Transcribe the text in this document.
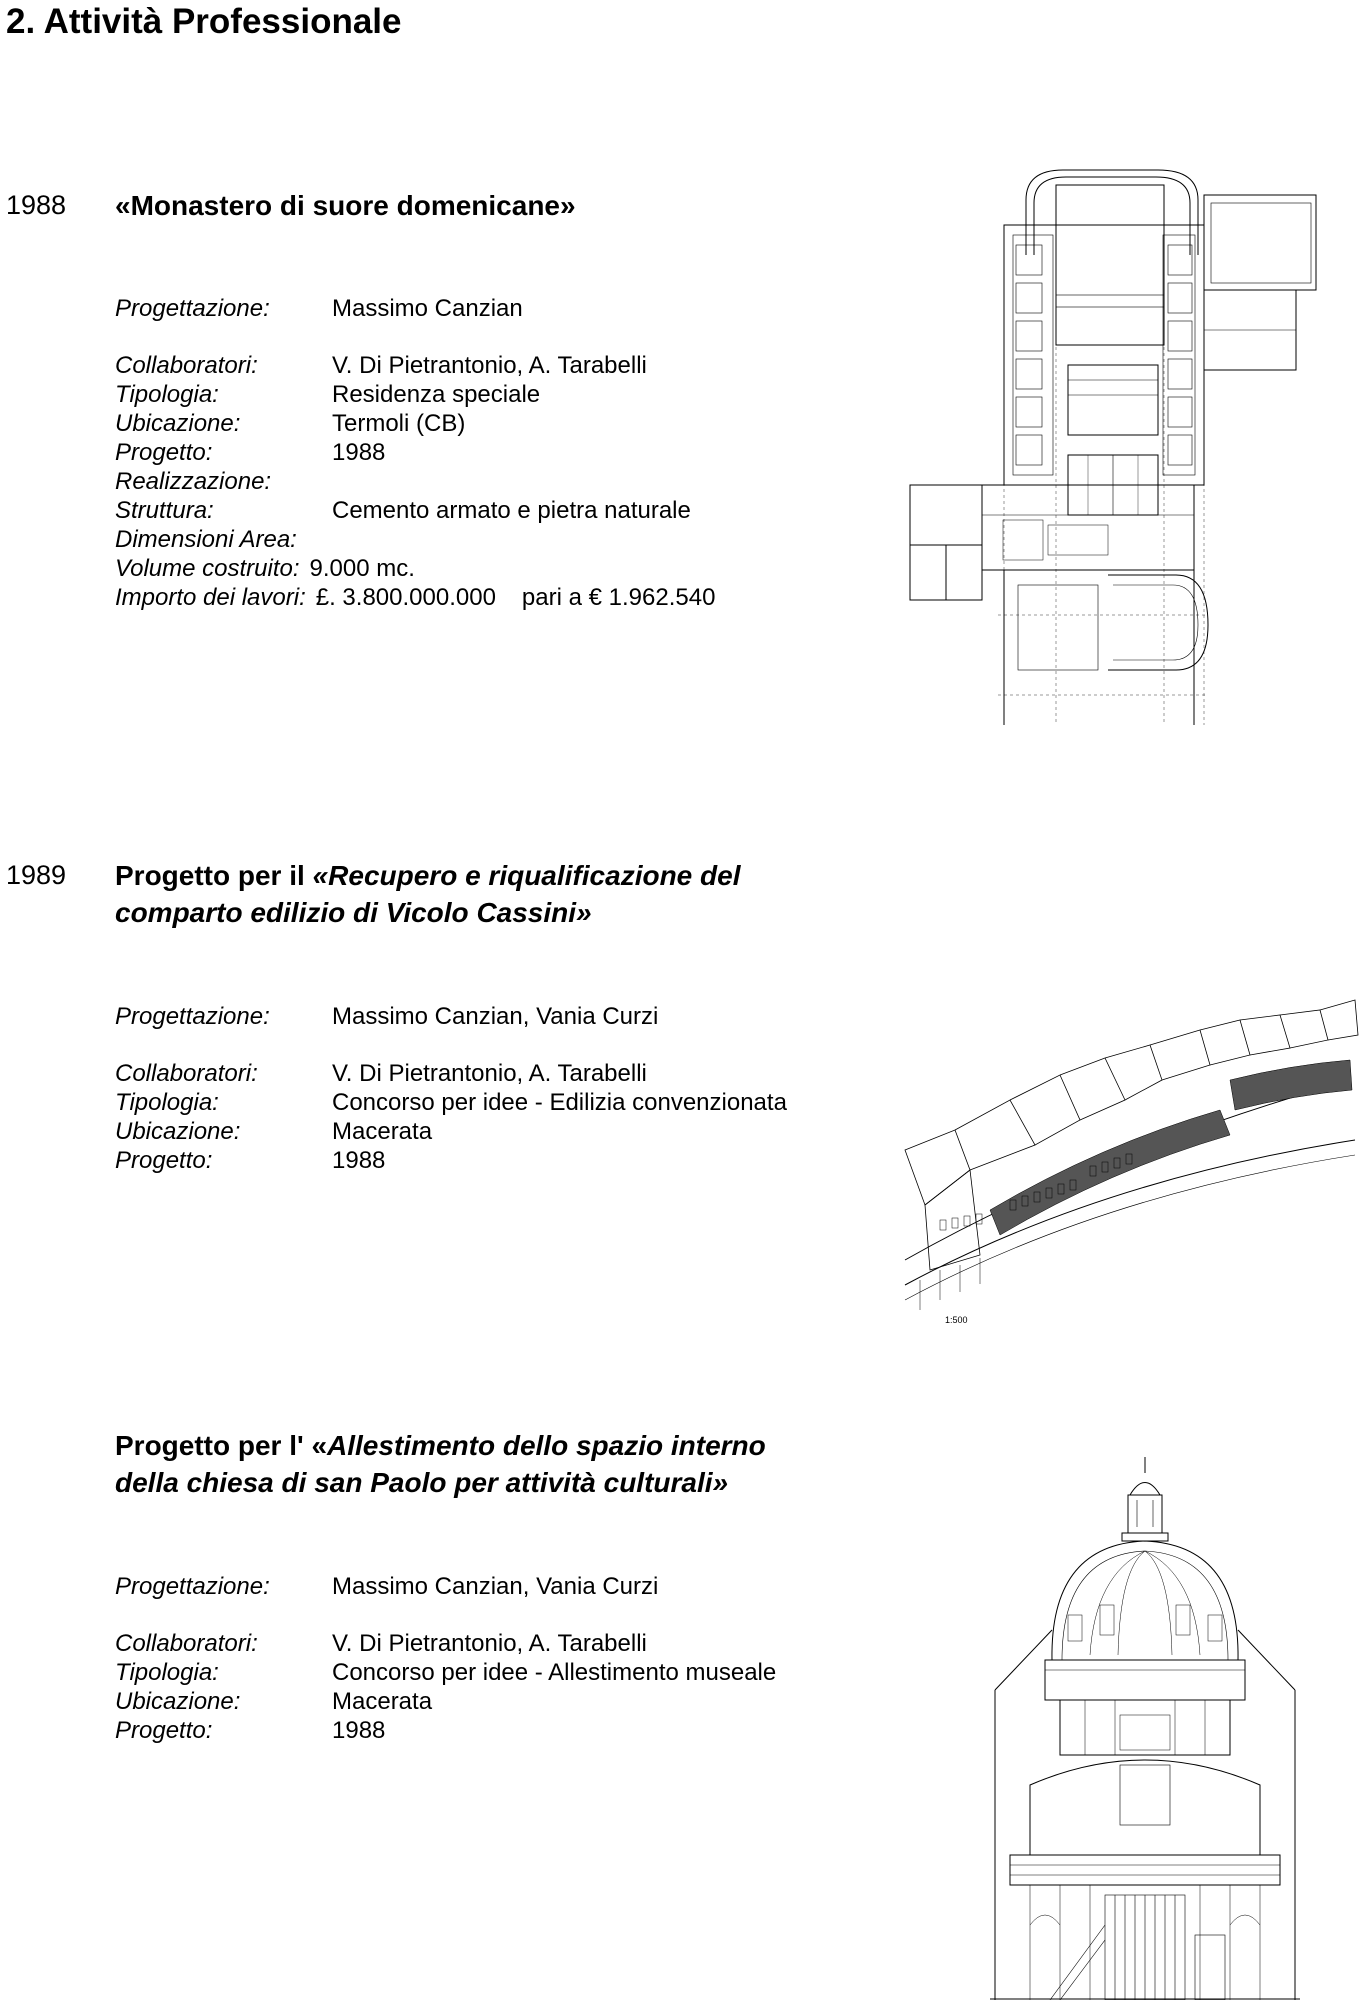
2. Attività Professionale
1988 «Monastero di suore domenicane»
Progettazione:	Massimo Canzian
Collaboratori:	V. Di Pietrantonio, A. Tarabelli
Tipologia:	Residenza speciale
Ubicazione:	Termoli (CB)
Progetto:	1988
Realizzazione:
Struttura:	Cemento armato e pietra naturale
Dimensioni Area:
Volume costruito: 9.000 mc.
Importo dei lavori: £. 3.800.000.000 pari a € 1.962.540
1989 Progetto per il «Recupero e riqualificazione del
comparto edilizio di Vicolo Cassini»
Progettazione:	Massimo Canzian, Vania Curzi
Collaboratori:	V. Di Pietrantonio, A. Tarabelli
Tipologia:	Concorso per idee - Edilizia convenzionata
Ubicazione:	Macerata
Progetto:	1988
1:500
Progetto per l' «Allestimento dello spazio interno
della chiesa di san Paolo per attività culturali»
Progettazione:	Massimo Canzian, Vania Curzi
Collaboratori:	V. Di Pietrantonio, A. Tarabelli
Tipologia:	Concorso per idee - Allestimento museale
Ubicazione:	Macerata
Progetto:	1988
